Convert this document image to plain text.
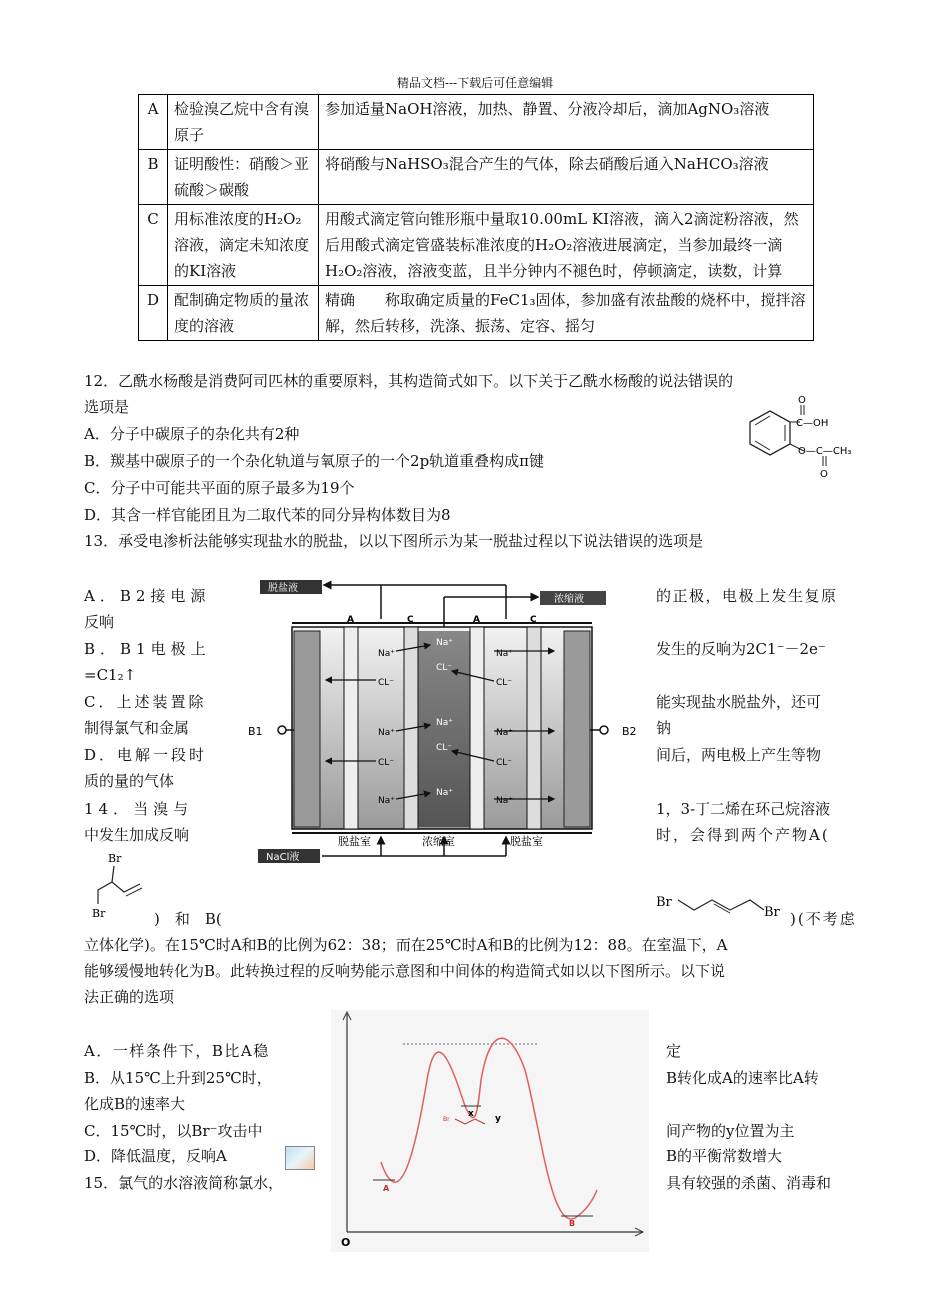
精品文档---下载后可任意编辑
A	检验溴乙烷中含有溴原子	参加适量NaOH溶液，加热、静置、分液冷却后，滴加AgNO₃溶液
B	证明酸性：硝酸＞亚硫酸＞碳酸	将硝酸与NaHSO₃混合产生的气体，除去硝酸后通入NaHCO₃溶液
C	用标准浓度的H₂O₂溶液，滴定未知浓度的KI溶液	用酸式滴定管向锥形瓶中量取10.00mL KI溶液，滴入2滴淀粉溶液，然后用酸式滴定管盛装标准浓度的H₂O₂溶液进展滴定，当参加最终一滴H₂O₂溶液，溶液变蓝，且半分钟内不褪色时，停顿滴定，读数，计算
D	配制确定物质的量浓度的溶液	精确　　称取确定质量的FeC1₃固体，参加盛有浓盐酸的烧杯中，搅拌溶解，然后转移，洗涤、振荡、定容、摇匀
12．乙酰水杨酸是消费阿司匹林的重要原料，其构造简式如下。以下关于乙酰水杨酸的说法错误的
选项是
A．分子中碳原子的杂化共有2种
B．羰基中碳原子的一个杂化轨道与氧原子的一个2p轨道重叠构成π键
C．分子中可能共平面的原子最多为19个
D．其含一样官能团且为二取代苯的同分异构体数目为8
C—OH
O—C—CH₃
O
O
13．承受电渗析法能够实现盐水的脱盐，以以下图所示为某一脱盐过程以下说法错误的选项是
A．B2接电源	的正极，电极上发生复原
反响
B．B1电极上	发生的反响为2C1⁻－2e⁻
=C1₂↑
C．上述装置除	能实现盐水脱盐外，还可
制得氯气和金属	钠
D．电解一段时	间后，两电极上产生等物
质的量的气体
A	C	A	C
脱盐液
浓缩液
B1	B2
Na⁺
CL⁻
Na⁺
CL⁻
Na⁺
Na⁺
CL⁻
Na⁺
CL⁻
Na⁺
Na⁺
CL⁻
Na⁺
CL⁻
Na⁺
脱盐室	浓缩室	脱盐室
NaCl液
14．当溴与	1，3-丁二烯在环己烷溶液
中发生加成反响	时，会得到两个产物A(
Br
Br	)　和　B(
Br
Br )(不考虑
立体化学)。在15℃时A和B的比例为62：38；而在25℃时A和B的比例为12：88。在室温下，A
能够缓慢地转化为B。此转换过程的反响势能示意图和中间体的构造简式如以以下图所示。以下说
法正确的选项
A．一样条件下，B比A稳	定
B．从15℃上升到25℃时，	B转化成A的速率比A转
化成B的速率大
C．15℃时，以Br⁻攻击中	间产物的y位置为主
D．降低温度，反响A	B的平衡常数增大
15．氯气的水溶液简称氯水，	具有较强的杀菌、消毒和
O
A
B
x y
Br
